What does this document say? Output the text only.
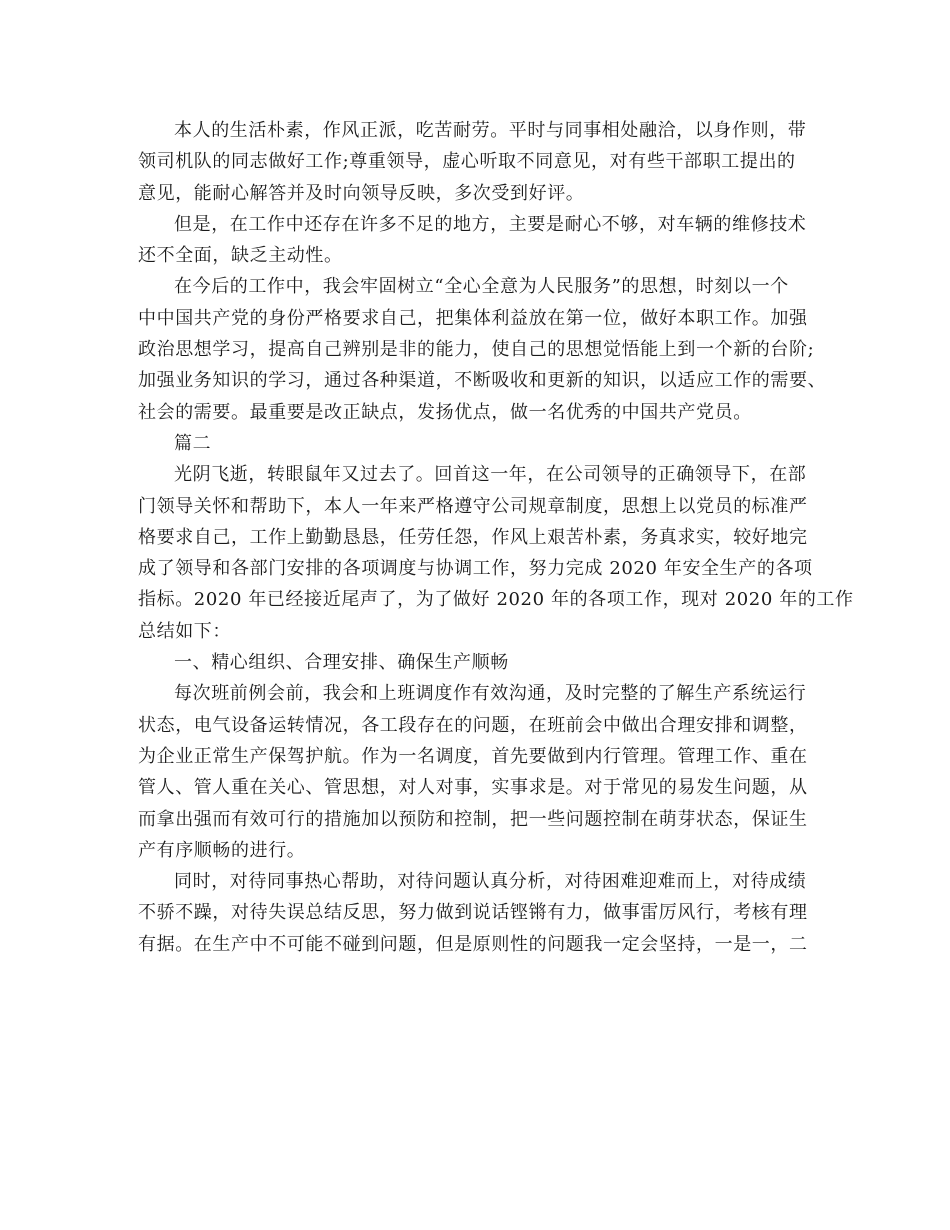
本人的生活朴素，作风正派，吃苦耐劳。平时与同事相处融洽，以身作则，带
领司机队的同志做好工作;尊重领导，虚心听取不同意见，对有些干部职工提出的
意见，能耐心解答并及时向领导反映，多次受到好评。
但是，在工作中还存在许多不足的地方，主要是耐心不够，对车辆的维修技术
还不全面，缺乏主动性。
在今后的工作中，我会牢固树立“全心全意为人民服务”的思想，时刻以一个
中中国共产党的身份严格要求自己，把集体利益放在第一位，做好本职工作。加强
政治思想学习，提高自己辨别是非的能力，使自己的思想觉悟能上到一个新的台阶;
加强业务知识的学习，通过各种渠道，不断吸收和更新的知识，以适应工作的需要、
社会的需要。最重要是改正缺点，发扬优点，做一名优秀的中国共产党员。
篇二
光阴飞逝，转眼鼠年又过去了。回首这一年，在公司领导的正确领导下，在部
门领导关怀和帮助下，本人一年来严格遵守公司规章制度，思想上以党员的标准严
格要求自己，工作上勤勤恳恳，任劳任怨，作风上艰苦朴素，务真求实，较好地完
成了领导和各部门安排的各项调度与协调工作，努力完成 2020 年安全生产的各项
指标。2020 年已经接近尾声了，为了做好 2020 年的各项工作，现对 2020 年的工作
总结如下：
一、精心组织、合理安排、确保生产顺畅
每次班前例会前，我会和上班调度作有效沟通，及时完整的了解生产系统运行
状态，电气设备运转情况，各工段存在的问题，在班前会中做出合理安排和调整，
为企业正常生产保驾护航。作为一名调度，首先要做到内行管理。管理工作、重在
管人、管人重在关心、管思想，对人对事，实事求是。对于常见的易发生问题，从
而拿出强而有效可行的措施加以预防和控制，把一些问题控制在萌芽状态，保证生
产有序顺畅的进行。
同时，对待同事热心帮助，对待问题认真分析，对待困难迎难而上，对待成绩
不骄不躁，对待失误总结反思，努力做到说话铿锵有力，做事雷厉风行，考核有理
有据。在生产中不可能不碰到问题，但是原则性的问题我一定会坚持，一是一，二
